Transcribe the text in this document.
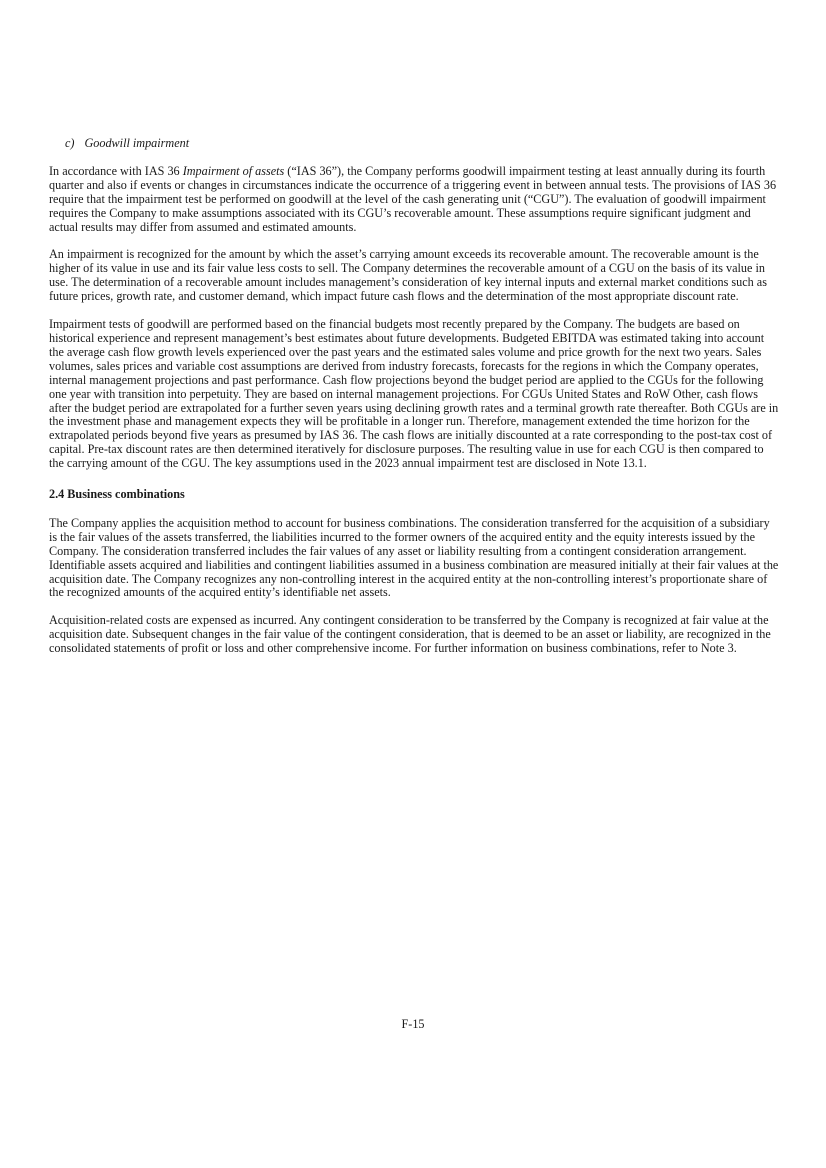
c) Goodwill impairment

In accordance with IAS 36 Impairment of assets (“IAS 36”), the Company performs goodwill impairment testing at least annually during its fourth quarter and also if events or changes in circumstances indicate the occurrence of a triggering event in between annual tests. The provisions of IAS 36 require that the impairment test be performed on goodwill at the level of the cash generating unit (“CGU”). The evaluation of goodwill impairment requires the Company to make assumptions associated with its CGU’s recoverable amount. These assumptions require significant judgment and actual results may differ from assumed and estimated amounts.

An impairment is recognized for the amount by which the asset’s carrying amount exceeds its recoverable amount. The recoverable amount is the higher of its value in use and its fair value less costs to sell. The Company determines the recoverable amount of a CGU on the basis of its value in use. The determination of a recoverable amount includes management’s consideration of key internal inputs and external market conditions such as future prices, growth rate, and customer demand, which impact future cash flows and the determination of the most appropriate discount rate.

Impairment tests of goodwill are performed based on the financial budgets most recently prepared by the Company. The budgets are based on historical experience and represent management’s best estimates about future developments. Budgeted EBITDA was estimated taking into account the average cash flow growth levels experienced over the past years and the estimated sales volume and price growth for the next two years. Sales volumes, sales prices and variable cost assumptions are derived from industry forecasts, forecasts for the regions in which the Company operates, internal management projections and past performance. Cash flow projections beyond the budget period are applied to the CGUs for the following one year with transition into perpetuity. They are based on internal management projections. For CGUs United States and RoW Other, cash flows after the budget period are extrapolated for a further seven years using declining growth rates and a terminal growth rate thereafter. Both CGUs are in the investment phase and management expects they will be profitable in a longer run. Therefore, management extended the time horizon for the extrapolated periods beyond five years as presumed by IAS 36. The cash flows are initially discounted at a rate corresponding to the post-tax cost of capital. Pre-tax discount rates are then determined iteratively for disclosure purposes. The resulting value in use for each CGU is then compared to the carrying amount of the CGU. The key assumptions used in the 2023 annual impairment test are disclosed in Note 13.1.

2.4 Business combinations

The Company applies the acquisition method to account for business combinations. The consideration transferred for the acquisition of a subsidiary is the fair values of the assets transferred, the liabilities incurred to the former owners of the acquired entity and the equity interests issued by the Company. The consideration transferred includes the fair values of any asset or liability resulting from a contingent consideration arrangement. Identifiable assets acquired and liabilities and contingent liabilities assumed in a business combination are measured initially at their fair values at the acquisition date. The Company recognizes any non-controlling interest in the acquired entity at the non-controlling interest’s proportionate share of the recognized amounts of the acquired entity’s identifiable net assets.

Acquisition-related costs are expensed as incurred. Any contingent consideration to be transferred by the Company is recognized at fair value at the acquisition date. Subsequent changes in the fair value of the contingent consideration, that is deemed to be an asset or liability, are recognized in the consolidated statements of profit or loss and other comprehensive income. For further information on business combinations, refer to Note 3.

F-15
